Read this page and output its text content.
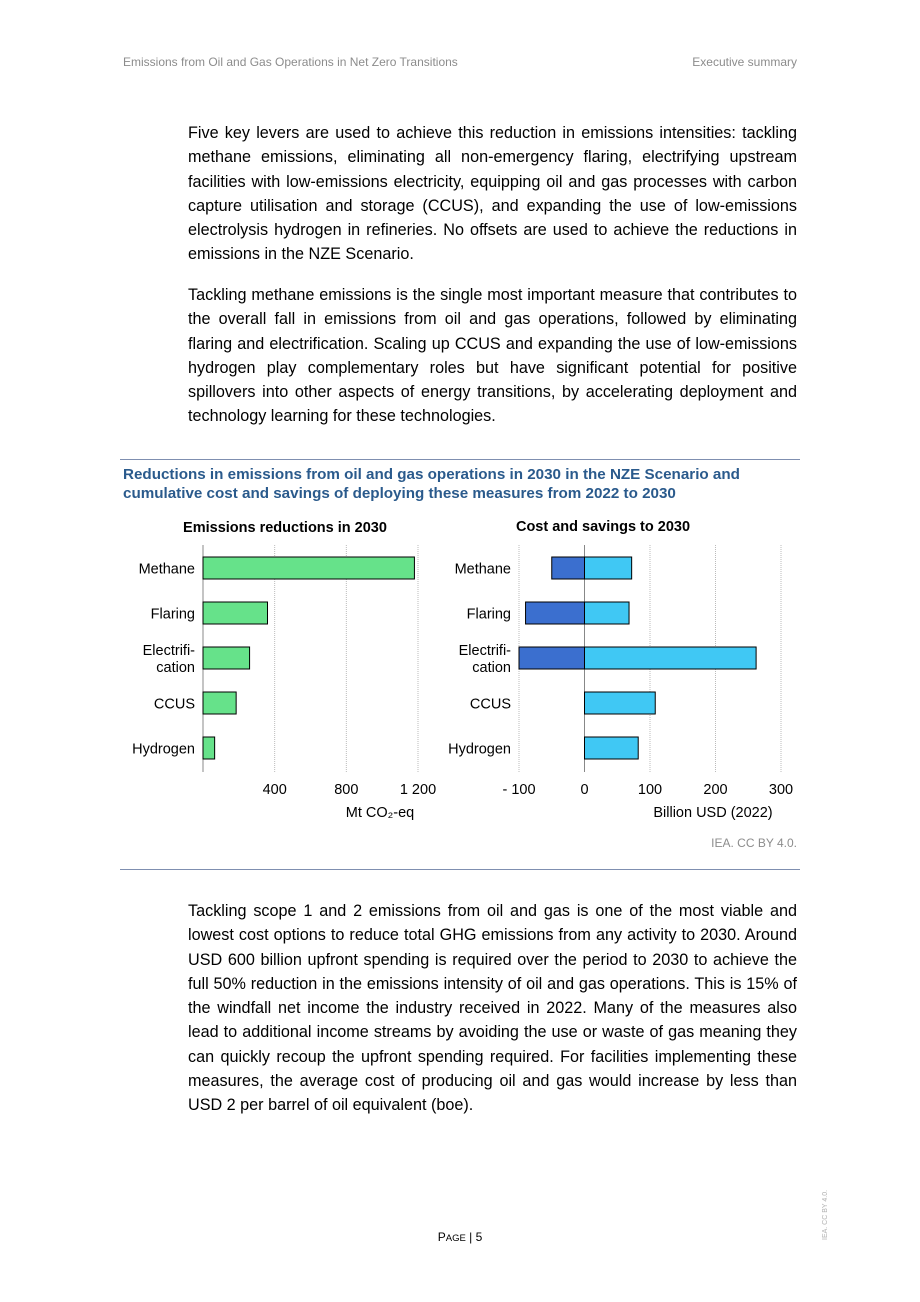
Emissions from Oil and Gas Operations in Net Zero Transitions	Executive summary

Five key levers are used to achieve this reduction in emissions intensities: tackling methane emissions, eliminating all non-emergency flaring, electrifying upstream facilities with low-emissions electricity, equipping oil and gas processes with carbon capture utilisation and storage (CCUS), and expanding the use of low-emissions electrolysis hydrogen in refineries. No offsets are used to achieve the reductions in emissions in the NZE Scenario.

Tackling methane emissions is the single most important measure that contributes to the overall fall in emissions from oil and gas operations, followed by eliminating flaring and electrification. Scaling up CCUS and expanding the use of low-emissions hydrogen play complementary roles but have significant potential for positive spillovers into other aspects of energy transitions, by accelerating deployment and technology learning for these technologies.

Reductions in emissions from oil and gas operations in 2030 in the NZE Scenario and cumulative cost and savings of deploying these measures from 2022 to 2030
Emissions reductions in 2030
400	800	1 200
Methane
Flaring
Electrifi-cation
CCUS
Hydrogen
Mt CO₂-eq
Cost and savings to 2030
- 100	0	100	200	300
Methane
Flaring
Electrifi-cation
CCUS
Hydrogen
Billion USD (2022)
IEA. CC BY 4.0.

Tackling scope 1 and 2 emissions from oil and gas is one of the most viable and lowest cost options to reduce total GHG emissions from any activity to 2030. Around USD 600 billion upfront spending is required over the period to 2030 to achieve the full 50% reduction in the emissions intensity of oil and gas operations. This is 15% of the windfall net income the industry received in 2022. Many of the measures also lead to additional income streams by avoiding the use or waste of gas meaning they can quickly recoup the upfront spending required. For facilities implementing these measures, the average cost of producing oil and gas would increase by less than USD 2 per barrel of oil equivalent (boe).

PAGE | 5	IEA. CC BY 4.0.
